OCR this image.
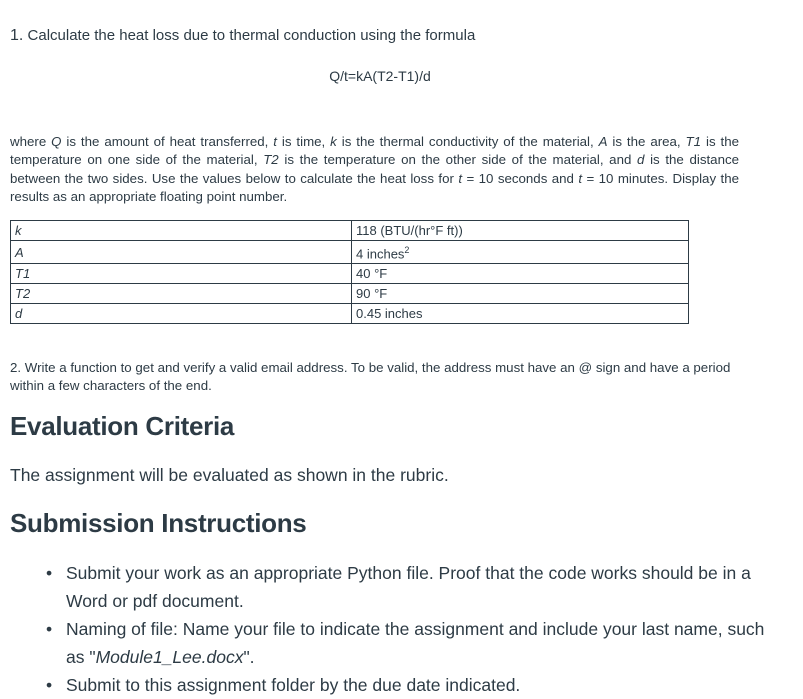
1. Calculate the heat loss due to thermal conduction using the formula
Q/t=kA(T2-T1)/d
where Q is the amount of heat transferred, t is time, k is the thermal conductivity of the material, A is the area, T1 is the temperature on one side of the material, T2 is the temperature on the other side of the material, and d is the distance between the two sides. Use the values below to calculate the heat loss for t = 10 seconds and t = 10 minutes. Display the results as an appropriate floating point number.
k	118 (BTU/(hr°F ft))
A	4 inches$^2$
T1	40 °F
T2	90 °F
d	0.45 inches
2. Write a function to get and verify a valid email address. To be valid, the address must have an @ sign and have a period within a few characters of the end.
Evaluation Criteria
The assignment will be evaluated as shown in the rubric.
Submission Instructions
• Submit your work as an appropriate Python file. Proof that the code works should be in a Word or pdf document.
• Naming of file: Name your file to indicate the assignment and include your last name, such as "Module1_Lee.docx".
• Submit to this assignment folder by the due date indicated.
